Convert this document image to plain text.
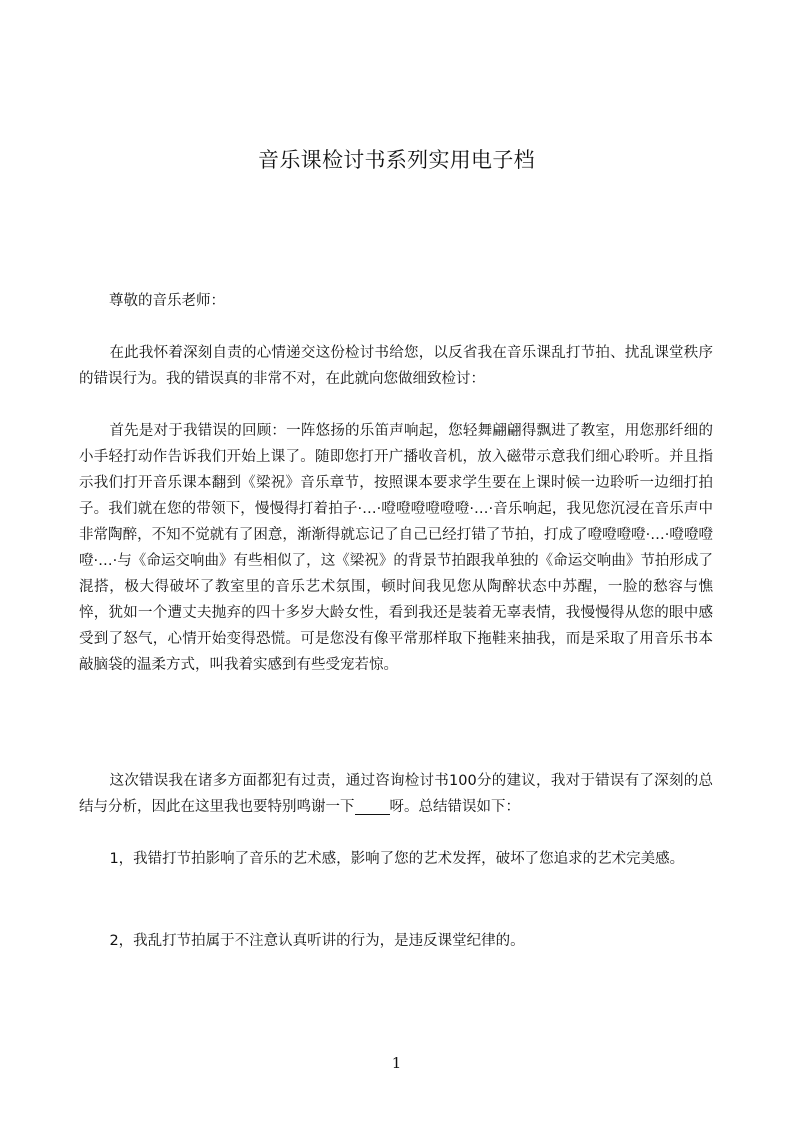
音乐课检讨书系列实用电子档
尊敬的音乐老师：

在此我怀着深刻自责的心情递交这份检讨书给您，以反省我在音乐课乱打节拍、扰乱课堂秩序的错误行为。我的错误真的非常不对，在此就向您做细致检讨：

首先是对于我错误的回顾：一阵悠扬的乐笛声响起，您轻舞翩翩得飘进了教室，用您那纤细的小手轻打动作告诉我们开始上课了。随即您打开广播收音机，放入磁带示意我们细心聆听。并且指示我们打开音乐课本翻到《梁祝》音乐章节，按照课本要求学生要在上课时候一边聆听一边细打拍子。我们就在您的带领下，慢慢得打着拍子·…·噔噔噔噔噔噔·…·音乐响起，我见您沉浸在音乐声中非常陶醉，不知不觉就有了困意，渐渐得就忘记了自己已经打错了节拍，打成了噔噔噔噔·…·噔噔噔噔·…·与《命运交响曲》有些相似了，这《梁祝》的背景节拍跟我单独的《命运交响曲》节拍形成了混搭，极大得破坏了教室里的音乐艺术氛围，顿时间我见您从陶醉状态中苏醒，一脸的愁容与憔悴，犹如一个遭丈夫抛弃的四十多岁大龄女性，看到我还是装着无辜表情，我慢慢得从您的眼中感受到了怒气，心情开始变得恐慌。可是您没有像平常那样取下拖鞋来抽我，而是采取了用音乐书本敲脑袋的温柔方式，叫我着实感到有些受宠若惊。

这次错误我在诸多方面都犯有过责，通过咨询检讨书100分的建议，我对于错误有了深刻的总结与分析，因此在这里我也要特别鸣谢一下 呀。总结错误如下：

1，我错打节拍影响了音乐的艺术感，影响了您的艺术发挥，破坏了您追求的艺术完美感。

2，我乱打节拍属于不注意认真听讲的行为，是违反课堂纪律的。

1
